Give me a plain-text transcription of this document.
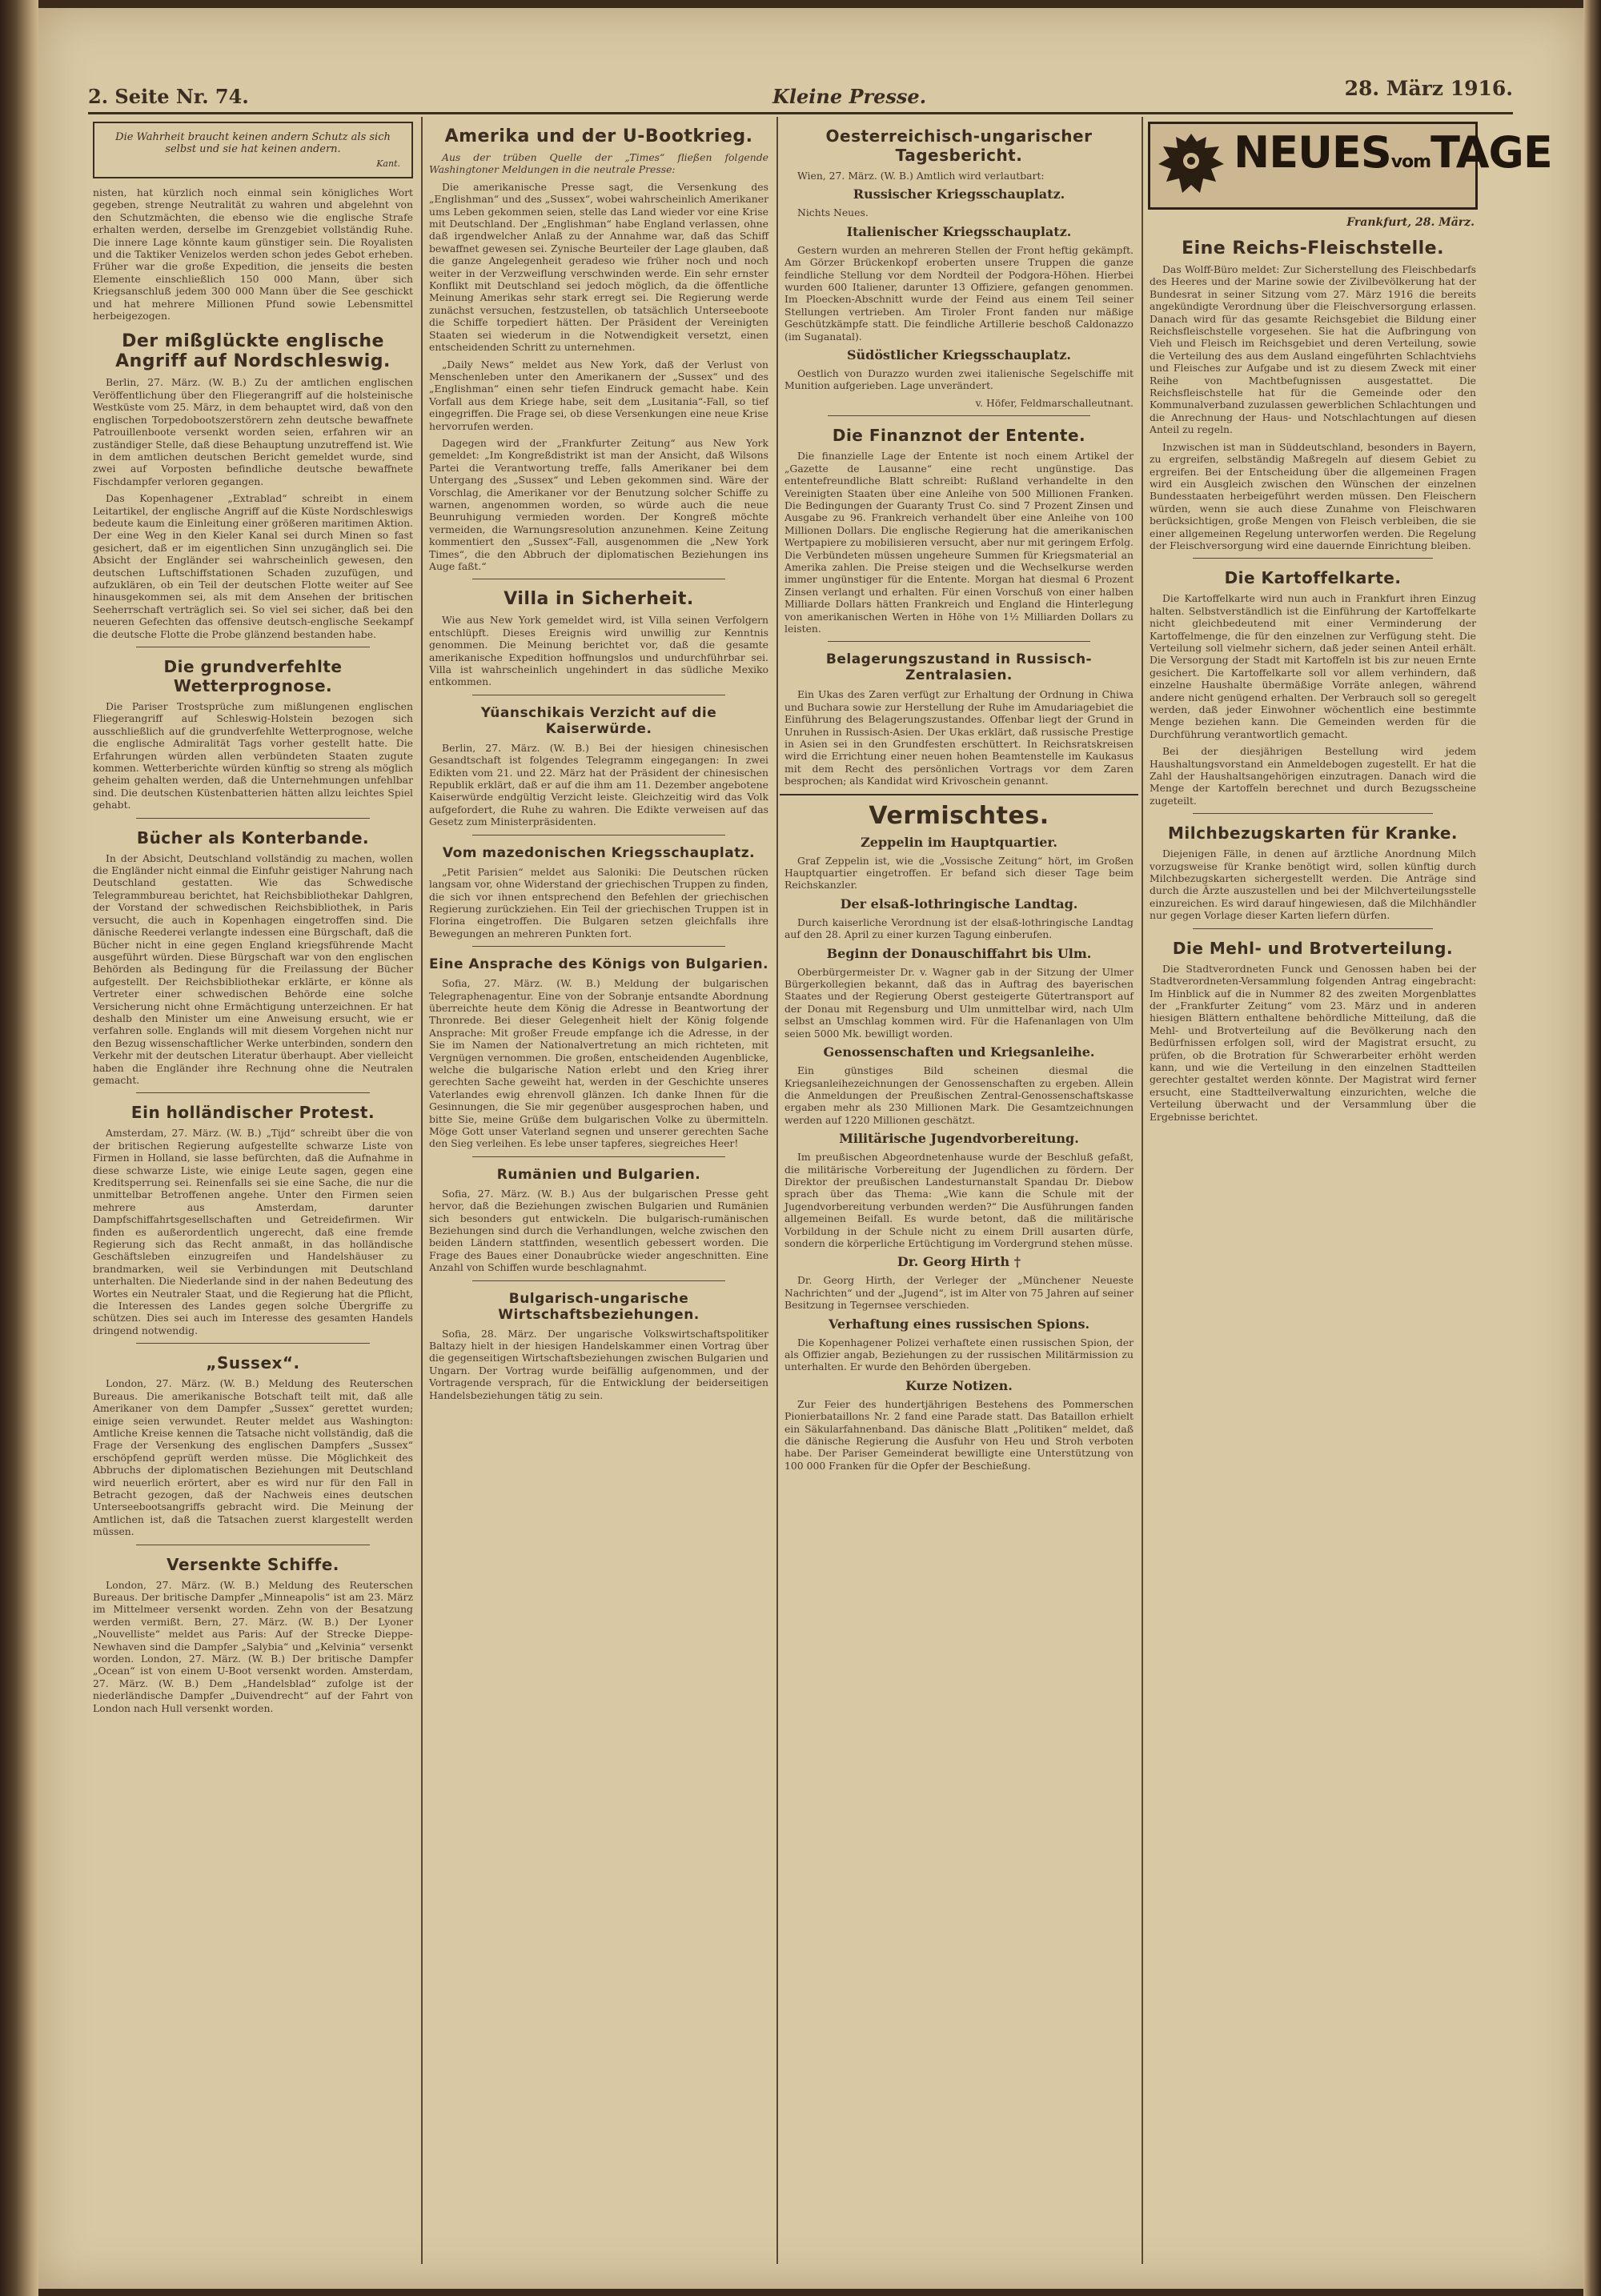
2. Seite Nr. 74.	Kleine Presse.	28. März 1916.
Die Wahrheit braucht keinen andern Schutz als sich selbst und sie hat keinen andern.
Kant.
nisten, hat kürzlich noch einmal sein königliches Wort gegeben, strenge Neutralität zu wahren und abgelehnt von den Schutzmächten, die ebenso wie die englische Strafe erhalten werden, derselbe im Grenzgebiet vollständig Ruhe. Die innere Lage könnte kaum günstiger sein. Die Royalisten und die Taktiker Venizelos werden schon jedes Gebot erheben. Früher war die große Expedition, die jenseits die besten Elemente einschließlich 150 000 Mann, über sich Kriegsanschluß jedem 300 000 Mann über die See geschickt und hat mehrere Millionen Pfund sowie Lebensmittel herbeigezogen.
Der mißglückte englische Angriff auf Nordschleswig.
Berlin, 27. März. (W. B.) Zu der amtlichen englischen Veröffentlichung über den Fliegerangriff auf die holsteinische Westküste vom 25. März, in dem behauptet wird, daß von den englischen Torpedobootszerstörern zehn deutsche bewaffnete Patrouillenboote versenkt worden seien, erfahren wir an zuständiger Stelle, daß diese Behauptung unzutreffend ist. Wie in dem amtlichen deutschen Bericht gemeldet wurde, sind zwei auf Vorposten befindliche deutsche bewaffnete Fischdampfer verloren gegangen.
Das Kopenhagener „Extrablad“ schreibt in einem Leitartikel, der englische Angriff auf die Küste Nordschleswigs bedeute kaum die Einleitung einer größeren maritimen Aktion. Der eine Weg in den Kieler Kanal sei durch Minen so fast gesichert, daß er im eigentlichen Sinn unzugänglich sei. Die Absicht der Engländer sei wahrscheinlich gewesen, den deutschen Luftschiffstationen Schaden zuzufügen, und aufzuklären, ob ein Teil der deutschen Flotte weiter auf See hinausgekommen sei, als mit dem Ansehen der britischen Seeherrschaft verträglich sei. So viel sei sicher, daß bei den neueren Gefechten das offensive deutsch-englische Seekampf die deutsche Flotte die Probe glänzend bestanden habe.
Die grundverfehlte Wetterprognose.
Die Pariser Trostsprüche zum mißlungenen englischen Fliegerangriff auf Schleswig-Holstein bezogen sich ausschließlich auf die grundverfehlte Wetterprognose, welche die englische Admiralität Tags vorher gestellt hatte. Die Erfahrungen würden allen verbündeten Staaten zugute kommen. Wetterberichte würden künftig so streng als möglich geheim gehalten werden, daß die Unternehmungen unfehlbar sind. Die deutschen Küstenbatterien hätten allzu leichtes Spiel gehabt.
Bücher als Konterbande.
In der Absicht, Deutschland vollständig zu machen, wollen die Engländer nicht einmal die Einfuhr geistiger Nahrung nach Deutschland gestatten. Wie das Schwedische Telegrammbureau berichtet, hat Reichsbibliothekar Dahlgren, der Vorstand der schwedischen Reichsbibliothek, in Paris versucht, die auch in Kopenhagen eingetroffen sind. Die dänische Reederei verlangte indessen eine Bürgschaft, daß die Bücher nicht in eine gegen England kriegsführende Macht ausgeführt würden. Diese Bürgschaft war von den englischen Behörden als Bedingung für die Freilassung der Bücher aufgestellt. Der Reichsbibliothekar erklärte, er könne als Vertreter einer schwedischen Behörde eine solche Versicherung nicht ohne Ermächtigung unterzeichnen. Er hat deshalb den Minister um eine Anweisung ersucht, wie er verfahren solle. Englands will mit diesem Vorgehen nicht nur den Bezug wissenschaftlicher Werke unterbinden, sondern den Verkehr mit der deutschen Literatur überhaupt. Aber vielleicht haben die Engländer ihre Rechnung ohne die Neutralen gemacht.
Ein holländischer Protest.
Amsterdam, 27. März. (W. B.) „Tijd“ schreibt über die von der britischen Regierung aufgestellte schwarze Liste von Firmen in Holland, sie lasse befürchten, daß die Aufnahme in diese schwarze Liste, wie einige Leute sagen, gegen eine Kreditsperrung sei. Reinenfalls sei sie eine Sache, die nur die unmittelbar Betroffenen angehe. Unter den Firmen seien mehrere aus Amsterdam, darunter Dampfschiffahrtsgesellschaften und Getreidefirmen. Wir finden es außerordentlich ungerecht, daß eine fremde Regierung sich das Recht anmaßt, in das holländische Geschäftsleben einzugreifen und Handelshäuser zu brandmarken, weil sie Verbindungen mit Deutschland unterhalten. Die Niederlande sind in der nahen Bedeutung des Wortes ein Neutraler Staat, und die Regierung hat die Pflicht, die Interessen des Landes gegen solche Übergriffe zu schützen. Dies sei auch im Interesse des gesamten Handels dringend notwendig.
„Sussex“.
London, 27. März. (W. B.) Meldung des Reuterschen Bureaus. Die amerikanische Botschaft teilt mit, daß alle Amerikaner von dem Dampfer „Sussex“ gerettet wurden; einige seien verwundet. Reuter meldet aus Washington: Amtliche Kreise kennen die Tatsache nicht vollständig, daß die Frage der Versenkung des englischen Dampfers „Sussex“ erschöpfend geprüft werden müsse. Die Möglichkeit des Abbruchs der diplomatischen Beziehungen mit Deutschland wird neuerlich erörtert, aber es wird nur für den Fall in Betracht gezogen, daß der Nachweis eines deutschen Unterseebootsangriffs gebracht wird. Die Meinung der Amtlichen ist, daß die Tatsachen zuerst klargestellt werden müssen.
Versenkte Schiffe.
London, 27. März. (W. B.) Meldung des Reuterschen Bureaus. Der britische Dampfer „Minneapolis“ ist am 23. März im Mittelmeer versenkt worden. Zehn von der Besatzung werden vermißt. Bern, 27. März. (W. B.) Der Lyoner „Nouvelliste“ meldet aus Paris: Auf der Strecke Dieppe-Newhaven sind die Dampfer „Salybia“ und „Kelvinia“ versenkt worden. London, 27. März. (W. B.) Der britische Dampfer „Ocean“ ist von einem U-Boot versenkt worden. Amsterdam, 27. März. (W. B.) Dem „Handelsblad“ zufolge ist der niederländische Dampfer „Duivendrecht“ auf der Fahrt von London nach Hull versenkt worden.
Amerika und der U-Bootkrieg.
Aus der trüben Quelle der „Times“ fließen folgende Washingtoner Meldungen in die neutrale Presse:
Die amerikanische Presse sagt, die Versenkung des „Englishman“ und des „Sussex“, wobei wahrscheinlich Amerikaner ums Leben gekommen seien, stelle das Land wieder vor eine Krise mit Deutschland. Der „Englishman“ habe England verlassen, ohne daß irgendwelcher Anlaß zu der Annahme war, daß das Schiff bewaffnet gewesen sei. Zynische Beurteiler der Lage glauben, daß die ganze Angelegenheit geradeso wie früher noch und noch weiter in der Verzweiflung verschwinden werde. Ein sehr ernster Konflikt mit Deutschland sei jedoch möglich, da die öffentliche Meinung Amerikas sehr stark erregt sei. Die Regierung werde zunächst versuchen, festzustellen, ob tatsächlich Unterseeboote die Schiffe torpediert hätten. Der Präsident der Vereinigten Staaten sei wiederum in die Notwendigkeit versetzt, einen entscheidenden Schritt zu unternehmen.
„Daily News“ meldet aus New York, daß der Verlust von Menschenleben unter den Amerikanern der „Sussex“ und des „Englishman“ einen sehr tiefen Eindruck gemacht habe. Kein Vorfall aus dem Kriege habe, seit dem „Lusitania“-Fall, so tief eingegriffen. Die Frage sei, ob diese Versenkungen eine neue Krise hervorrufen werden.
Dagegen wird der „Frankfurter Zeitung“ aus New York gemeldet: „Im Kongreßdistrikt ist man der Ansicht, daß Wilsons Partei die Verantwortung treffe, falls Amerikaner bei dem Untergang des „Sussex“ und Leben gekommen sind. Wäre der Vorschlag, die Amerikaner vor der Benutzung solcher Schiffe zu warnen, angenommen worden, so würde auch die neue Beunruhigung vermieden worden. Der Kongreß möchte vermeiden, die Warnungsresolution anzunehmen. Keine Zeitung kommentiert den „Sussex“-Fall, ausgenommen die „New York Times“, die den Abbruch der diplomatischen Beziehungen ins Auge faßt.“
Villa in Sicherheit.
Wie aus New York gemeldet wird, ist Villa seinen Verfolgern entschlüpft. Dieses Ereignis wird unwillig zur Kenntnis genommen. Die Meinung berichtet vor, daß die gesamte amerikanische Expedition hoffnungslos und undurchführbar sei. Villa ist wahrscheinlich ungehindert in das südliche Mexiko entkommen.
Yüanschikais Verzicht auf die Kaiserwürde.
Berlin, 27. März. (W. B.) Bei der hiesigen chinesischen Gesandtschaft ist folgendes Telegramm eingegangen: In zwei Edikten vom 21. und 22. März hat der Präsident der chinesischen Republik erklärt, daß er auf die ihm am 11. Dezember angebotene Kaiserwürde endgültig Verzicht leiste. Gleichzeitig wird das Volk aufgefordert, die Ruhe zu wahren. Die Edikte verweisen auf das Gesetz zum Ministerpräsidenten.
Vom mazedonischen Kriegsschauplatz.
„Petit Parisien“ meldet aus Saloniki: Die Deutschen rücken langsam vor, ohne Widerstand der griechischen Truppen zu finden, die sich vor ihnen entsprechend den Befehlen der griechischen Regierung zurückziehen. Ein Teil der griechischen Truppen ist in Florina eingetroffen. Die Bulgaren setzen gleichfalls ihre Bewegungen an mehreren Punkten fort.
Eine Ansprache des Königs von Bulgarien.
Sofia, 27. März. (W. B.) Meldung der bulgarischen Telegraphenagentur. Eine von der Sobranje entsandte Abordnung überreichte heute dem König die Adresse in Beantwortung der Thronrede. Bei dieser Gelegenheit hielt der König folgende Ansprache: Mit großer Freude empfange ich die Adresse, in der Sie im Namen der Nationalvertretung an mich richteten, mit Vergnügen vernommen. Die großen, entscheidenden Augenblicke, welche die bulgarische Nation erlebt und den Krieg ihrer gerechten Sache geweiht hat, werden in der Geschichte unseres Vaterlandes ewig ehrenvoll glänzen. Ich danke Ihnen für die Gesinnungen, die Sie mir gegenüber ausgesprochen haben, und bitte Sie, meine Grüße dem bulgarischen Volke zu übermitteln. Möge Gott unser Vaterland segnen und unserer gerechten Sache den Sieg verleihen. Es lebe unser tapferes, siegreiches Heer!
Rumänien und Bulgarien.
Sofia, 27. März. (W. B.) Aus der bulgarischen Presse geht hervor, daß die Beziehungen zwischen Bulgarien und Rumänien sich besonders gut entwickeln. Die bulgarisch-rumänischen Beziehungen sind durch die Verhandlungen, welche zwischen den beiden Ländern stattfinden, wesentlich gebessert worden. Die Frage des Baues einer Donaubrücke wieder angeschnitten. Eine Anzahl von Schiffen wurde beschlagnahmt.
Bulgarisch-ungarische Wirtschaftsbeziehungen.
Sofia, 28. März. Der ungarische Volkswirtschaftspolitiker Baltazy hielt in der hiesigen Handelskammer einen Vortrag über die gegenseitigen Wirtschaftsbeziehungen zwischen Bulgarien und Ungarn. Der Vortrag wurde beifällig aufgenommen, und der Vortragende versprach, für die Entwicklung der beiderseitigen Handelsbeziehungen tätig zu sein.
Oesterreichisch-ungarischer Tagesbericht.
Wien, 27. März. (W. B.) Amtlich wird verlautbart:
Russischer Kriegsschauplatz.
Nichts Neues.
Italienischer Kriegsschauplatz.
Gestern wurden an mehreren Stellen der Front heftig gekämpft. Am Görzer Brückenkopf eroberten unsere Truppen die ganze feindliche Stellung vor dem Nordteil der Podgora-Höhen. Hierbei wurden 600 Italiener, darunter 13 Offiziere, gefangen genommen. Im Ploecken-Abschnitt wurde der Feind aus einem Teil seiner Stellungen vertrieben. Am Tiroler Front fanden nur mäßige Geschützkämpfe statt. Die feindliche Artillerie beschoß Caldonazzo (im Suganatal).
Südöstlicher Kriegsschauplatz.
Oestlich von Durazzo wurden zwei italienische Segelschiffe mit Munition aufgerieben. Lage unverändert.
v. Höfer, Feldmarschalleutnant.
Die Finanznot der Entente.
Die finanzielle Lage der Entente ist noch einem Artikel der „Gazette de Lausanne“ eine recht ungünstige. Das ententefreundliche Blatt schreibt: Rußland verhandelte in den Vereinigten Staaten über eine Anleihe von 500 Millionen Franken. Die Bedingungen der Guaranty Trust Co. sind 7 Prozent Zinsen und Ausgabe zu 96. Frankreich verhandelt über eine Anleihe von 100 Millionen Dollars. Die englische Regierung hat die amerikanischen Wertpapiere zu mobilisieren versucht, aber nur mit geringem Erfolg. Die Verbündeten müssen ungeheure Summen für Kriegsmaterial an Amerika zahlen. Die Preise steigen und die Wechselkurse werden immer ungünstiger für die Entente. Morgan hat diesmal 6 Prozent Zinsen verlangt und erhalten. Für einen Vorschuß von einer halben Milliarde Dollars hätten Frankreich und England die Hinterlegung von amerikanischen Werten in Höhe von 1½ Milliarden Dollars zu leisten.
Belagerungszustand in Russisch-Zentralasien.
Ein Ukas des Zaren verfügt zur Erhaltung der Ordnung in Chiwa und Buchara sowie zur Herstellung der Ruhe im Amudariagebiet die Einführung des Belagerungszustandes. Offenbar liegt der Grund in Unruhen in Russisch-Asien. Der Ukas erklärt, daß russische Prestige in Asien sei in den Grundfesten erschüttert. In Reichsratskreisen wird die Errichtung einer neuen hohen Beamtenstelle im Kaukasus mit dem Recht des persönlichen Vortrags vor dem Zaren besprochen; als Kandidat wird Krivoschein genannt.
Vermischtes.
Zeppelin im Hauptquartier.
Graf Zeppelin ist, wie die „Vossische Zeitung“ hört, im Großen Hauptquartier eingetroffen. Er befand sich dieser Tage beim Reichskanzler.
Der elsaß-lothringische Landtag.
Durch kaiserliche Verordnung ist der elsaß-lothringische Landtag auf den 28. April zu einer kurzen Tagung einberufen.
Beginn der Donauschiffahrt bis Ulm.
Oberbürgermeister Dr. v. Wagner gab in der Sitzung der Ulmer Bürgerkollegien bekannt, daß das in Auftrag des bayerischen Staates und der Regierung Oberst gesteigerte Gütertransport auf der Donau mit Regensburg und Ulm unmittelbar wird, nach Ulm selbst an Umschlag kommen wird. Für die Hafenanlagen von Ulm seien 5000 Mk. bewilligt worden.
Genossenschaften und Kriegsanleihe.
Ein günstiges Bild scheinen diesmal die Kriegsanleihezeichnungen der Genossenschaften zu ergeben. Allein die Anmeldungen der Preußischen Zentral-Genossenschaftskasse ergaben mehr als 230 Millionen Mark. Die Gesamtzeichnungen werden auf 1220 Millionen geschätzt.
Militärische Jugendvorbereitung.
Im preußischen Abgeordnetenhause wurde der Beschluß gefaßt, die militärische Vorbereitung der Jugendlichen zu fördern. Der Direktor der preußischen Landesturnanstalt Spandau Dr. Diebow sprach über das Thema: „Wie kann die Schule mit der Jugendvorbereitung verbunden werden?“ Die Ausführungen fanden allgemeinen Beifall. Es wurde betont, daß die militärische Vorbildung in der Schule nicht zu einem Drill ausarten dürfe, sondern die körperliche Ertüchtigung im Vordergrund stehen müsse.
Dr. Georg Hirth †
Dr. Georg Hirth, der Verleger der „Münchener Neueste Nachrichten“ und der „Jugend“, ist im Alter von 75 Jahren auf seiner Besitzung in Tegernsee verschieden.
Verhaftung eines russischen Spions.
Die Kopenhagener Polizei verhaftete einen russischen Spion, der als Offizier angab, Beziehungen zu der russischen Militärmission zu unterhalten. Er wurde den Behörden übergeben.
Kurze Notizen.
Zur Feier des hundertjährigen Bestehens des Pommerschen Pionierbataillons Nr. 2 fand eine Parade statt. Das Bataillon erhielt ein Säkularfahnenband. Das dänische Blatt „Politiken“ meldet, daß die dänische Regierung die Ausfuhr von Heu und Stroh verboten habe. Der Pariser Gemeinderat bewilligte eine Unterstützung von 100 000 Franken für die Opfer der Beschießung.
NEUESvomTAGE
Frankfurt, 28. März.
Eine Reichs-Fleischstelle.
Das Wolff-Büro meldet: Zur Sicherstellung des Fleischbedarfs des Heeres und der Marine sowie der Zivilbevölkerung hat der Bundesrat in seiner Sitzung vom 27. März 1916 die bereits angekündigte Verordnung über die Fleischversorgung erlassen. Danach wird für das gesamte Reichsgebiet die Bildung einer Reichsfleischstelle vorgesehen. Sie hat die Aufbringung von Vieh und Fleisch im Reichsgebiet und deren Verteilung, sowie die Verteilung des aus dem Ausland eingeführten Schlachtviehs und Fleisches zur Aufgabe und ist zu diesem Zweck mit einer Reihe von Machtbefugnissen ausgestattet. Die Reichsfleischstelle hat für die Gemeinde oder den Kommunalverband zuzulassen gewerblichen Schlachtungen und die Anrechnung der Haus- und Notschlachtungen auf diesen Anteil zu regeln.
Inzwischen ist man in Süddeutschland, besonders in Bayern, zu ergreifen, selbständig Maßregeln auf diesem Gebiet zu ergreifen. Bei der Entscheidung über die allgemeinen Fragen wird ein Ausgleich zwischen den Wünschen der einzelnen Bundesstaaten herbeigeführt werden müssen. Den Fleischern würden, wenn sie auch diese Zunahme von Fleischwaren berücksichtigen, große Mengen von Fleisch verbleiben, die sie einer allgemeinen Regelung unterworfen werden. Die Regelung der Fleischversorgung wird eine dauernde Einrichtung bleiben.
Die Kartoffelkarte.
Die Kartoffelkarte wird nun auch in Frankfurt ihren Einzug halten. Selbstverständlich ist die Einführung der Kartoffelkarte nicht gleichbedeutend mit einer Verminderung der Kartoffelmenge, die für den einzelnen zur Verfügung steht. Die Verteilung soll vielmehr sichern, daß jeder seinen Anteil erhält. Die Versorgung der Stadt mit Kartoffeln ist bis zur neuen Ernte gesichert. Die Kartoffelkarte soll vor allem verhindern, daß einzelne Haushalte übermäßige Vorräte anlegen, während andere nicht genügend erhalten. Der Verbrauch soll so geregelt werden, daß jeder Einwohner wöchentlich eine bestimmte Menge beziehen kann. Die Gemeinden werden für die Durchführung verantwortlich gemacht.
Bei der diesjährigen Bestellung wird jedem Haushaltungsvorstand ein Anmeldebogen zugestellt. Er hat die Zahl der Haushaltsangehörigen einzutragen. Danach wird die Menge der Kartoffeln berechnet und durch Bezugsscheine zugeteilt.
Milchbezugskarten für Kranke.
Diejenigen Fälle, in denen auf ärztliche Anordnung Milch vorzugsweise für Kranke benötigt wird, sollen künftig durch Milchbezugskarten sichergestellt werden. Die Anträge sind durch die Ärzte auszustellen und bei der Milchverteilungsstelle einzureichen. Es wird darauf hingewiesen, daß die Milchhändler nur gegen Vorlage dieser Karten liefern dürfen.
Die Mehl- und Brotverteilung.
Die Stadtverordneten Funck und Genossen haben bei der Stadtverordneten-Versammlung folgenden Antrag eingebracht: Im Hinblick auf die in Nummer 82 des zweiten Morgenblattes der „Frankfurter Zeitung“ vom 23. März und in anderen hiesigen Blättern enthaltene behördliche Mitteilung, daß die Mehl- und Brotverteilung auf die Bevölkerung nach den Bedürfnissen erfolgen soll, wird der Magistrat ersucht, zu prüfen, ob die Brotration für Schwerarbeiter erhöht werden kann, und wie die Verteilung in den einzelnen Stadtteilen gerechter gestaltet werden könnte. Der Magistrat wird ferner ersucht, eine Stadtteilverwaltung einzurichten, welche die Verteilung überwacht und der Versammlung über die Ergebnisse berichtet.
